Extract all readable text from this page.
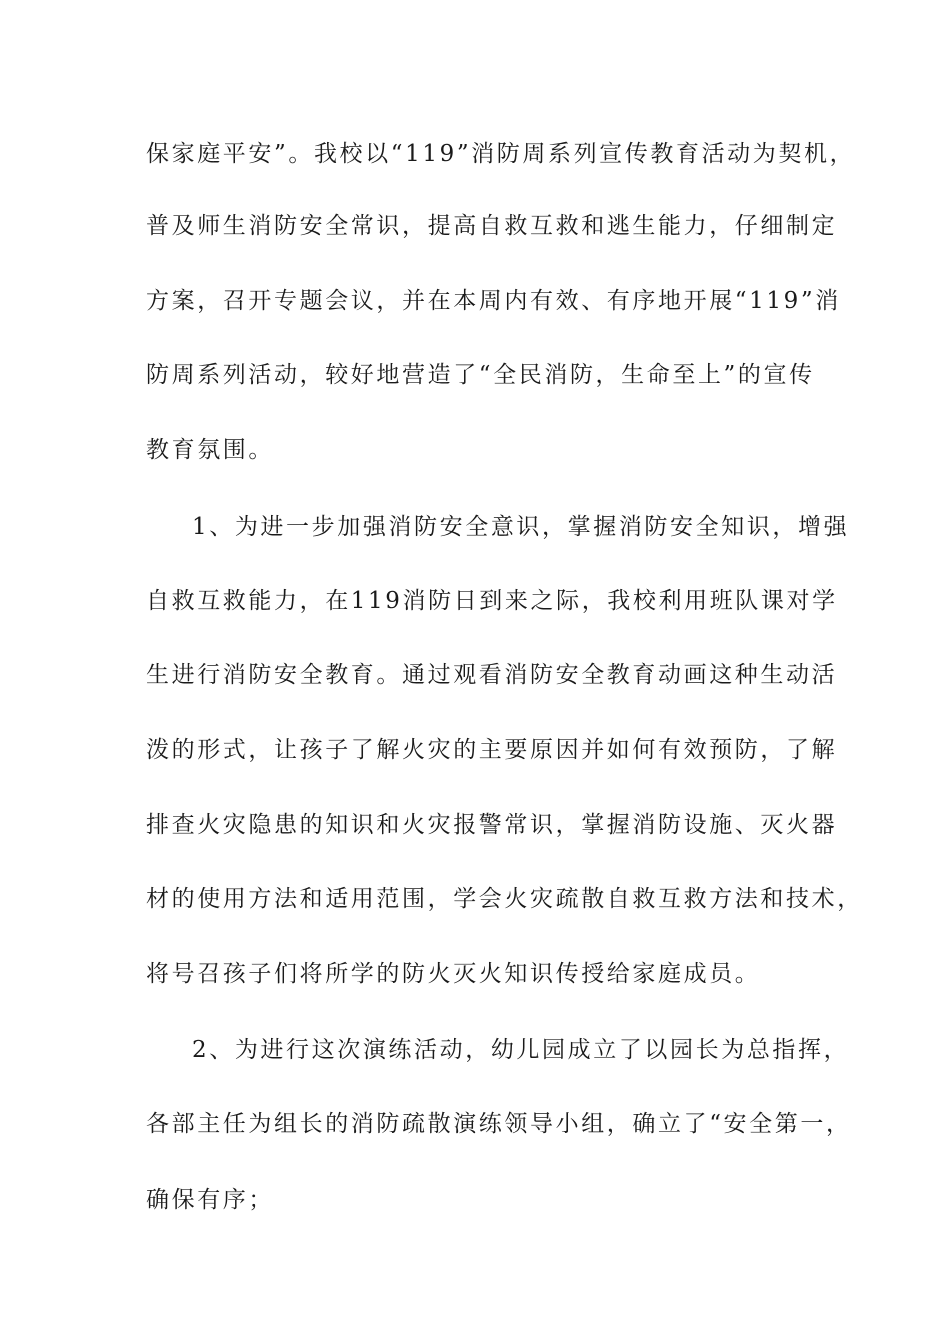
保家庭平安”。我校以“119”消防周系列宣传教育活动为契机，
普及师生消防安全常识，提高自救互救和逃生能力，仔细制定
方案，召开专题会议，并在本周内有效、有序地开展“119”消
防周系列活动，较好地营造了“全民消防，生命至上”的宣传
教育氛围。
1、为进一步加强消防安全意识，掌握消防安全知识，增强
自救互救能力，在119消防日到来之际，我校利用班队课对学
生进行消防安全教育。通过观看消防安全教育动画这种生动活
泼的形式，让孩子了解火灾的主要原因并如何有效预防，了解
排查火灾隐患的知识和火灾报警常识，掌握消防设施、灭火器
材的使用方法和适用范围，学会火灾疏散自救互救方法和技术，
将号召孩子们将所学的防火灭火知识传授给家庭成员。
2、为进行这次演练活动，幼儿园成立了以园长为总指挥，
各部主任为组长的消防疏散演练领导小组，确立了“安全第一，
确保有序；
